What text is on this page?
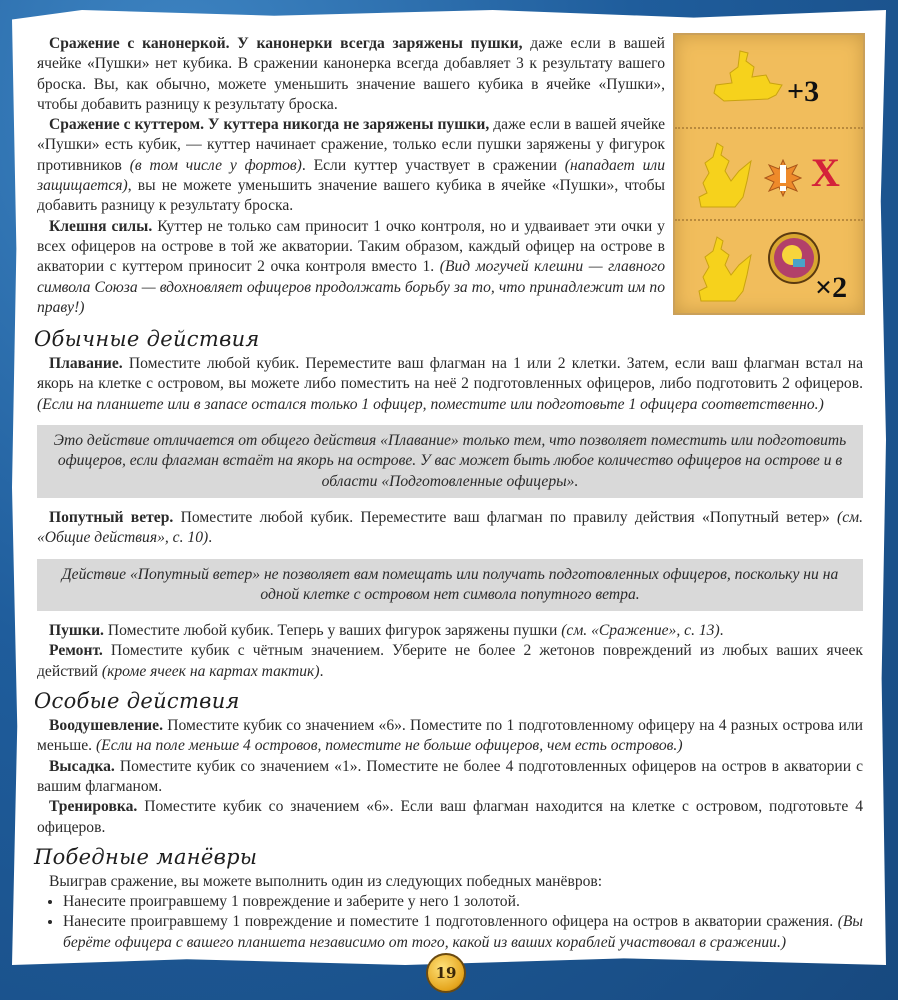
+3
X
×2

Сражение с канонеркой. У канонерки всегда заряжены пушки, даже если в вашей ячейке «Пушки» нет кубика. В сражении канонерка всегда добавляет 3 к результату вашего броска. Вы, как обычно, можете уменьшить значение вашего кубика в ячейке «Пушки», чтобы добавить разницу к результату броска.

Сражение с куттером. У куттера никогда не заряжены пушки, даже если в вашей ячейке «Пушки» есть кубик, — куттер начинает сражение, только если пушки заряжены у фигурок противников (в том числе у фортов). Если куттер участвует в сражении (нападает или защищается), вы не можете уменьшить значение вашего кубика в ячейке «Пушки», чтобы добавить разницу к результату броска.

Клешня силы. Куттер не только сам приносит 1 очко контроля, но и удваивает эти очки у всех офицеров на острове в той же акватории. Таким образом, каждый офицер на острове в акватории с куттером приносит 2 очка контроля вместо 1. (Вид могучей клешни — главного символа Союза — вдохновляет офицеров продолжать борьбу за то, что принадлежит им по праву!)

Обычные действия

Плавание. Поместите любой кубик. Переместите ваш флагман на 1 или 2 клетки. Затем, если ваш флагман встал на якорь на клетке с островом, вы можете либо поместить на неё 2 подготовленных офицеров, либо подготовить 2 офицеров. (Если на планшете или в запасе остался только 1 офицер, поместите или подготовьте 1 офицера соответственно.)

Это действие отличается от общего действия «Плавание» только тем, что позволяет поместить или подготовить офицеров, если флагман встаёт на якорь на острове. У вас может быть любое количество офицеров на острове и в области «Подготовленные офицеры».

Попутный ветер. Поместите любой кубик. Переместите ваш флагман по правилу действия «Попутный ветер» (см. «Общие действия», с. 10).

Действие «Попутный ветер» не позволяет вам помещать или получать подготовленных офицеров, поскольку ни на одной клетке с островом нет символа попутного ветра.

Пушки. Поместите любой кубик. Теперь у ваших фигурок заряжены пушки (см. «Сражение», с. 13).

Ремонт. Поместите кубик с чётным значением. Уберите не более 2 жетонов повреждений из любых ваших ячеек действий (кроме ячеек на картах тактик).

Особые действия

Воодушевление. Поместите кубик со значением «6». Поместите по 1 подготовленному офицеру на 4 разных острова или меньше. (Если на поле меньше 4 островов, поместите не больше офицеров, чем есть островов.)

Высадка. Поместите кубик со значением «1». Поместите не более 4 подготовленных офицеров на остров в акватории с вашим флагманом.

Тренировка. Поместите кубик со значением «6». Если ваш флагман находится на клетке с островом, подготовьте 4 офицеров.

Победные манёвры

Выиграв сражение, вы можете выполнить один из следующих победных манёвров:

• Нанесите проигравшему 1 повреждение и заберите у него 1 золотой.
• Нанесите проигравшему 1 повреждение и поместите 1 подготовленного офицера на остров в акватории сражения. (Вы берёте офицера с вашего планшета независимо от того, какой из ваших кораблей участвовал в сражении.)
19
